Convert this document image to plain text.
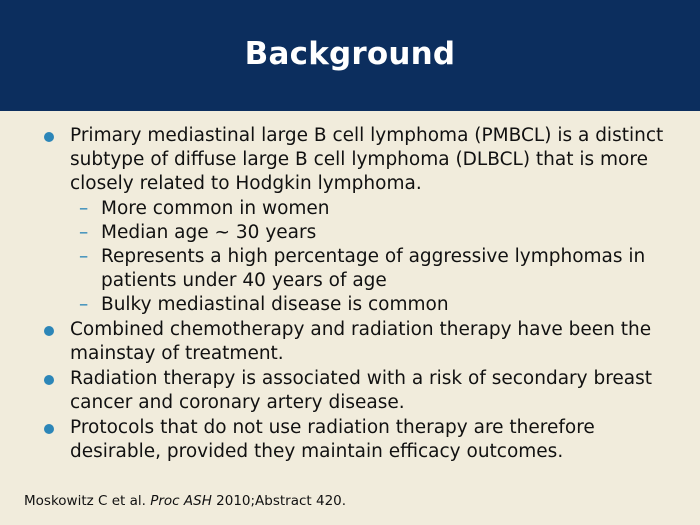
Background
Primary mediastinal large B cell lymphoma (PMBCL) is a distinct subtype of diffuse large B cell lymphoma (DLBCL) that is more closely related to Hodgkin lymphoma.
– More common in women
– Median age ~ 30 years
– Represents a high percentage of aggressive lymphomas in patients under 40 years of age
– Bulky mediastinal disease is common
Combined chemotherapy and radiation therapy have been the mainstay of treatment.
Radiation therapy is associated with a risk of secondary breast cancer and coronary artery disease.
Protocols that do not use radiation therapy are therefore desirable, provided they maintain efficacy outcomes.
Moskowitz C et al. Proc ASH 2010;Abstract 420.
